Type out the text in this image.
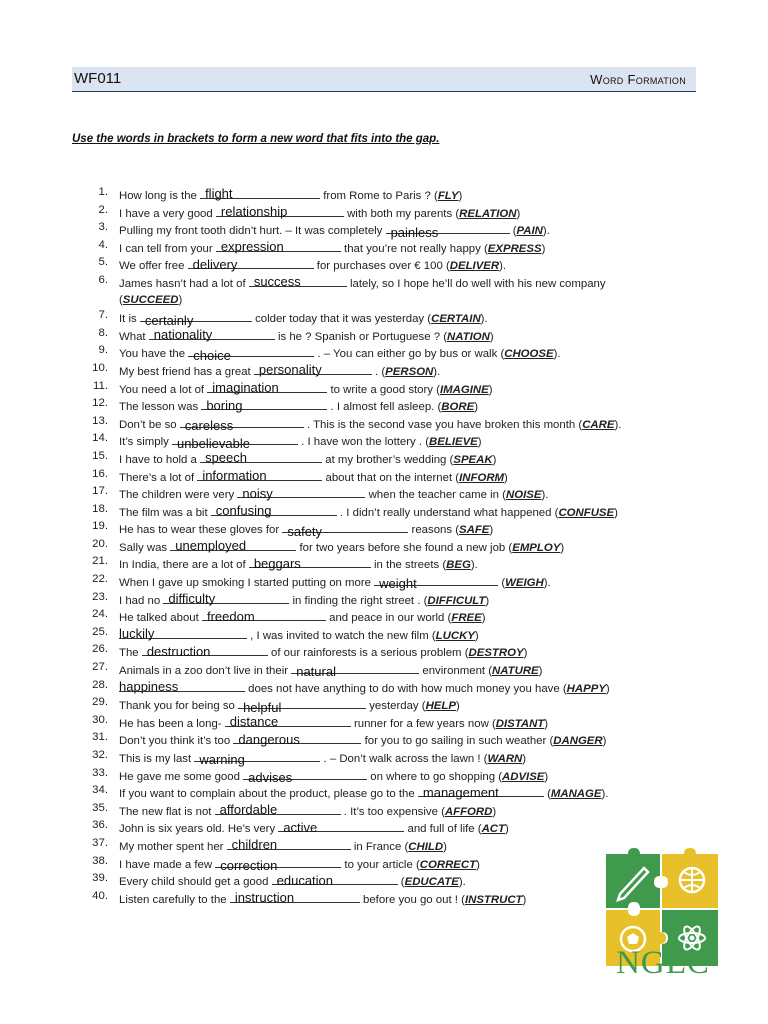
WF011	Word Formation
Use the words in brackets to form a new word that fits into the gap.
1. How long is the flight	from Rome to Paris ? (FLY)
2. I have a very good relationship	with both my parents (RELATION)
3. Pulling my front tooth didn’t hurt. – It was completely painless	(PAIN).
4. I can tell from your expression	that you’re not really happy (EXPRESS)
5. We offer free delivery	for purchases over € 100 (DELIVER).
6. James hasn’t had a lot of success	lately, so I hope he’ll do well with his new company
(SUCCEED)
7. It is certainly	colder today that it was yesterday (CERTAIN).
8. What nationality	is he ? Spanish or Portuguese ? (NATION)
9. You have the choice	. – You can either go by bus or walk (CHOOSE).
10. My best friend has a great personality	. (PERSON).
11. You need a lot of imagination	to write a good story (IMAGINE)
12. The lesson was boring	. I almost fell asleep. (BORE)
13. Don’t be so careless	. This is the second vase you have broken this month (CARE).
14. It’s simply unbelievable	. I have won the lottery . (BELIEVE)
15. I have to hold a speech	at my brother’s wedding (SPEAK)
16. There’s a lot of information	about that on the internet (INFORM)
17. The children were very noisy	when the teacher came in (NOISE).
18. The film was a bit confusing	. I didn’t really understand what happened (CONFUSE)
19. He has to wear these gloves for safety	reasons (SAFE)
20. Sally was unemployed	for two years before she found a new job (EMPLOY)
21. In India, there are a lot of beggars	in the streets (BEG).
22. When I gave up smoking I started putting on more weight	(WEIGH).
23. I had no difficulty	in finding the right street . (DIFFICULT)
24. He talked about freedom	and peace in our world (FREE)
25. luckily	, I was invited to watch the new film (LUCKY)
26. The destruction	of our rainforests is a serious problem (DESTROY)
27. Animals in a zoo don’t live in their natural	environment (NATURE)
28. happiness	does not have anything to do with how much money you have (HAPPY)
29. Thank you for being so helpful	yesterday (HELP)
30. He has been a long- distance	runner for a few years now (DISTANT)
31. Don’t you think it’s too dangerous	for you to go sailing in such weather (DANGER)
32. This is my last warning	. – Don’t walk across the lawn ! (WARN)
33. He gave me some good advises	on where to go shopping (ADVISE)
34. If you want to complain about the product, please go to the management	(MANAGE).
35. The new flat is not affordable	. It’s too expensive (AFFORD)
36. John is six years old. He’s very active	and full of life (ACT)
37. My mother spent her children	in France (CHILD)
38. I have made a few correction	to your article (CORRECT)
39. Every child should get a good education	(EDUCATE).
40. Listen carefully to the instruction	before you go out ! (INSTRUCT)
NGEC
